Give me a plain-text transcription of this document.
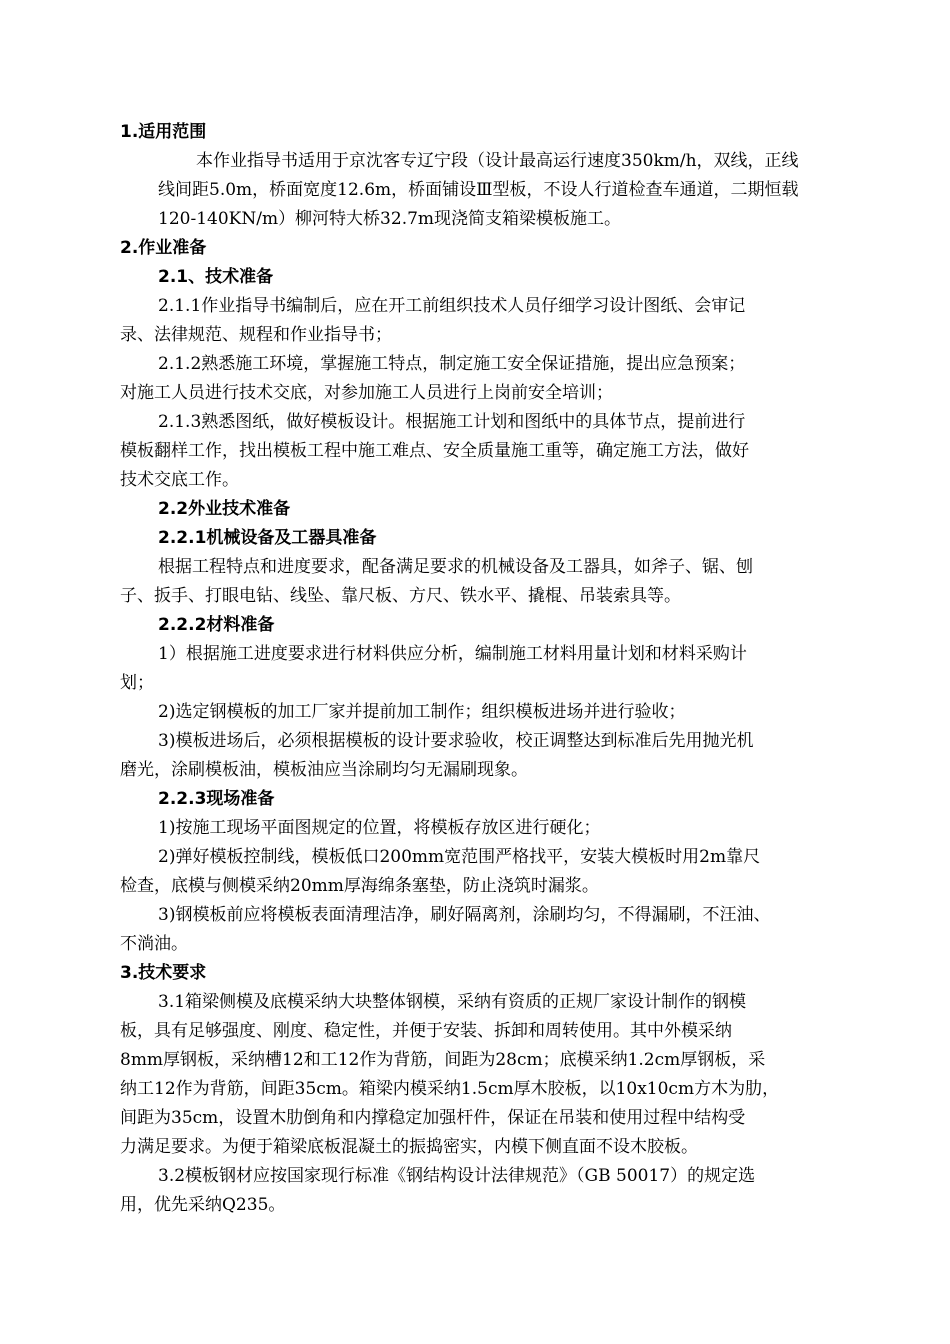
1.适用范围
本作业指导书适用于京沈客专辽宁段（设计最高运行速度350km/h，双线，正线
线间距5.0m，桥面宽度12.6m，桥面铺设Ⅲ型板，不设人行道检查车通道，二期恒载
120-140KN/m）柳河特大桥32.7m现浇简支箱梁模板施工。
2.作业准备
2.1、技术准备
2.1.1作业指导书编制后，应在开工前组织技术人员仔细学习设计图纸、会审记
录、法律规范、规程和作业指导书；
2.1.2熟悉施工环境，掌握施工特点，制定施工安全保证措施，提出应急预案；
对施工人员进行技术交底，对参加施工人员进行上岗前安全培训；
2.1.3熟悉图纸，做好模板设计。根据施工计划和图纸中的具体节点，提前进行
模板翻样工作，找出模板工程中施工难点、安全质量施工重等，确定施工方法，做好
技术交底工作。
2.2外业技术准备
2.2.1机械设备及工器具准备
根据工程特点和进度要求，配备满足要求的机械设备及工器具，如斧子、锯、刨
子、扳手、打眼电钻、线坠、靠尺板、方尺、铁水平、撬棍、吊装索具等。
2.2.2材料准备
1）根据施工进度要求进行材料供应分析，编制施工材料用量计划和材料采购计
划；
2)选定钢模板的加工厂家并提前加工制作；组织模板进场并进行验收；
3)模板进场后，必须根据模板的设计要求验收，校正调整达到标准后先用抛光机
磨光，涂刷模板油，模板油应当涂刷均匀无漏刷现象。
2.2.3现场准备
1)按施工现场平面图规定的位置，将模板存放区进行硬化；
2)弹好模板控制线，模板低口200mm宽范围严格找平，安装大模板时用2m靠尺
检查，底模与侧模采纳20mm厚海绵条塞垫，防止浇筑时漏浆。
3)钢模板前应将模板表面清理洁净，刷好隔离剂，涂刷均匀，不得漏刷，不汪油、
不淌油。
3.技术要求
3.1箱梁侧模及底模采纳大块整体钢模，采纳有资质的正规厂家设计制作的钢模
板，具有足够强度、刚度、稳定性，并便于安装、拆卸和周转使用。其中外模采纳
8mm厚钢板，采纳槽12和工12作为背筋，间距为28cm；底模采纳1.2cm厚钢板，采
纳工12作为背筋，间距35cm。箱梁内模采纳1.5cm厚木胶板，以10x10cm方木为肋，
间距为35cm，设置木肋倒角和内撑稳定加强杆件，保证在吊装和使用过程中结构受
力满足要求。为便于箱梁底板混凝土的振捣密实，内模下侧直面不设木胶板。
3.2模板钢材应按国家现行标准《钢结构设计法律规范》（GB 50017）的规定选
用，优先采纳Q235。
